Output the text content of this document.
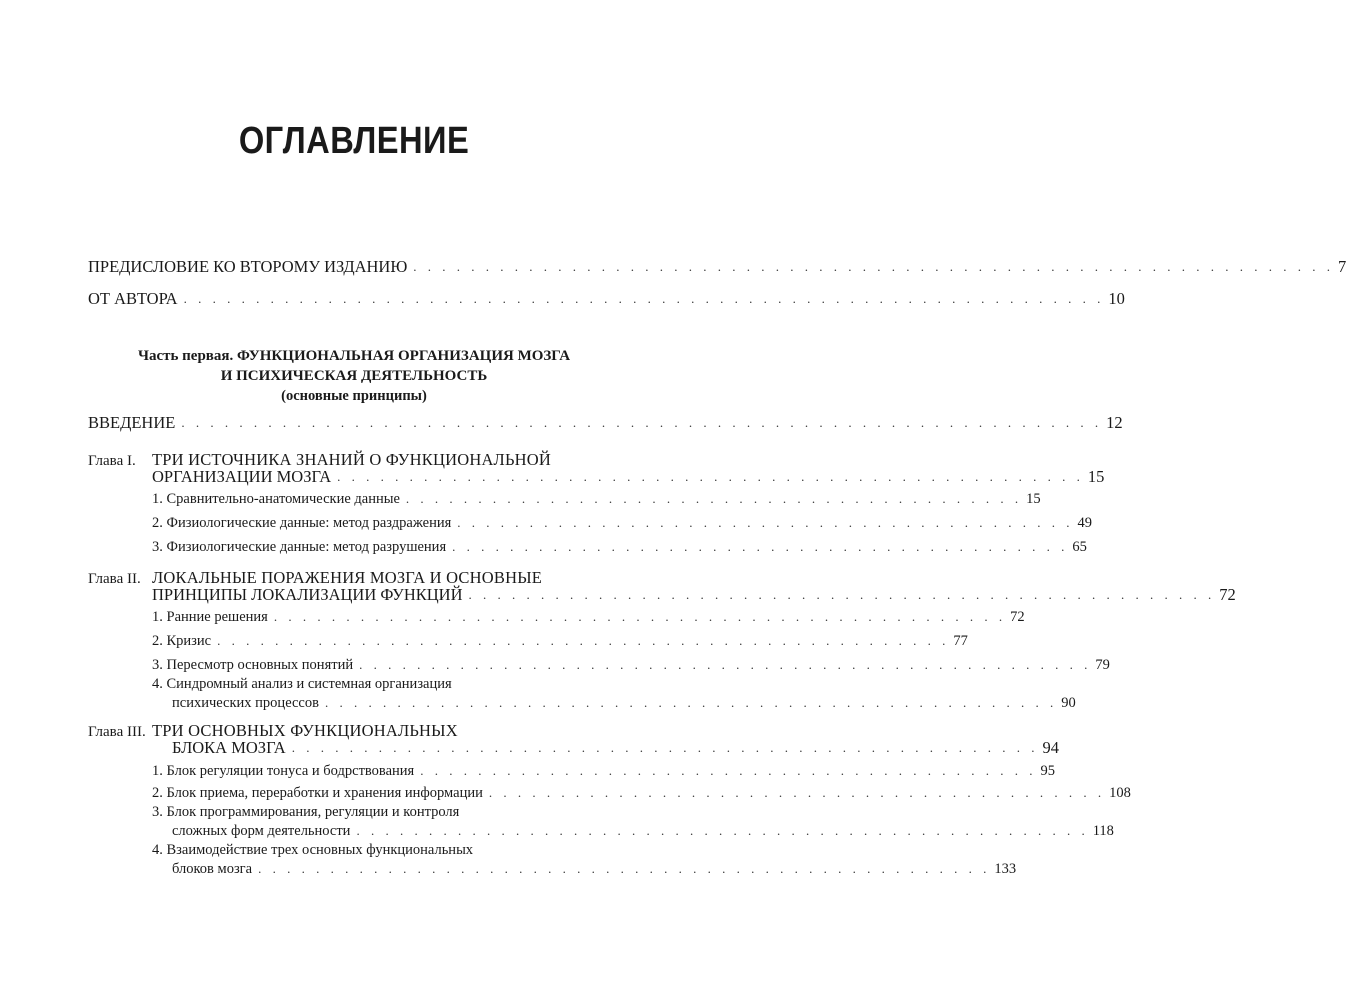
ОГЛАВЛЕНИЕ
ПРЕДИСЛОВИЕ КО ВТОРОМУ ИЗДАНИЮ . . . . . . . . . . . . . . . . . . . . . . . . . . . . . . . . . . . . . . . . . . . . . . . . . . . . . . . . . . . . . . . . 7
ОТ АВТОРА . . . . . . . . . . . . . . . . . . . . . . . . . . . . . . . . . . . . . . . . . . . . . . . . . . . . . . . . . . . . . . . . 10
Часть первая. ФУНКЦИОНАЛЬНАЯ ОРГАНИЗАЦИЯ МОЗГА
И ПСИХИЧЕСКАЯ ДЕЯТЕЛЬНОСТЬ
(основные принципы)
ВВЕДЕНИЕ . . . . . . . . . . . . . . . . . . . . . . . . . . . . . . . . . . . . . . . . . . . . . . . . . . . . . . . . . . . . . . . . 12
Глава I. ТРИ ИСТОЧНИКА ЗНАНИЙ О ФУНКЦИОНАЛЬНОЙ
ОРГАНИЗАЦИИ МОЗГА . . . . . . . . . . . . . . . . . . . . . . . . . . . . . . . . . . . . . . . . . . . . . . . . . . . . 15
1. Сравнительно-анатомические данные . . . . . . . . . . . . . . . . . . . . . . . . . . . . . . . . . . . . . . . . . . . 15
2. Физиологические данные: метод раздражения . . . . . . . . . . . . . . . . . . . . . . . . . . . . . . . . . . . . . . . . . . . 49
3. Физиологические данные: метод разрушения . . . . . . . . . . . . . . . . . . . . . . . . . . . . . . . . . . . . . . . . . . . 65
Глава II. ЛОКАЛЬНЫЕ ПОРАЖЕНИЯ МОЗГА И ОСНОВНЫЕ
ПРИНЦИПЫ ЛОКАЛИЗАЦИИ ФУНКЦИЙ . . . . . . . . . . . . . . . . . . . . . . . . . . . . . . . . . . . . . . . . . . . . . . . . . . . . 72
1. Ранние решения . . . . . . . . . . . . . . . . . . . . . . . . . . . . . . . . . . . . . . . . . . . . . . . . . . . 72
2. Кризис . . . . . . . . . . . . . . . . . . . . . . . . . . . . . . . . . . . . . . . . . . . . . . . . . . . 77
3. Пересмотр основных понятий . . . . . . . . . . . . . . . . . . . . . . . . . . . . . . . . . . . . . . . . . . . . . . . . . . . 79
4. Синдромный анализ и системная организация
психических процессов . . . . . . . . . . . . . . . . . . . . . . . . . . . . . . . . . . . . . . . . . . . . . . . . . . . 90
Глава III. ТРИ ОСНОВНЫХ ФУНКЦИОНАЛЬНЫХ
БЛОКА МОЗГА . . . . . . . . . . . . . . . . . . . . . . . . . . . . . . . . . . . . . . . . . . . . . . . . . . . . 94
1. Блок регуляции тонуса и бодрствования . . . . . . . . . . . . . . . . . . . . . . . . . . . . . . . . . . . . . . . . . . . 95
2. Блок приема, переработки и хранения информации . . . . . . . . . . . . . . . . . . . . . . . . . . . . . . . . . . . . . . . . . . . 108
3. Блок программирования, регуляции и контроля
сложных форм деятельности . . . . . . . . . . . . . . . . . . . . . . . . . . . . . . . . . . . . . . . . . . . . . . . . . . . 118
4. Взаимодействие трех основных функциональных
блоков мозга . . . . . . . . . . . . . . . . . . . . . . . . . . . . . . . . . . . . . . . . . . . . . . . . . . . 133
